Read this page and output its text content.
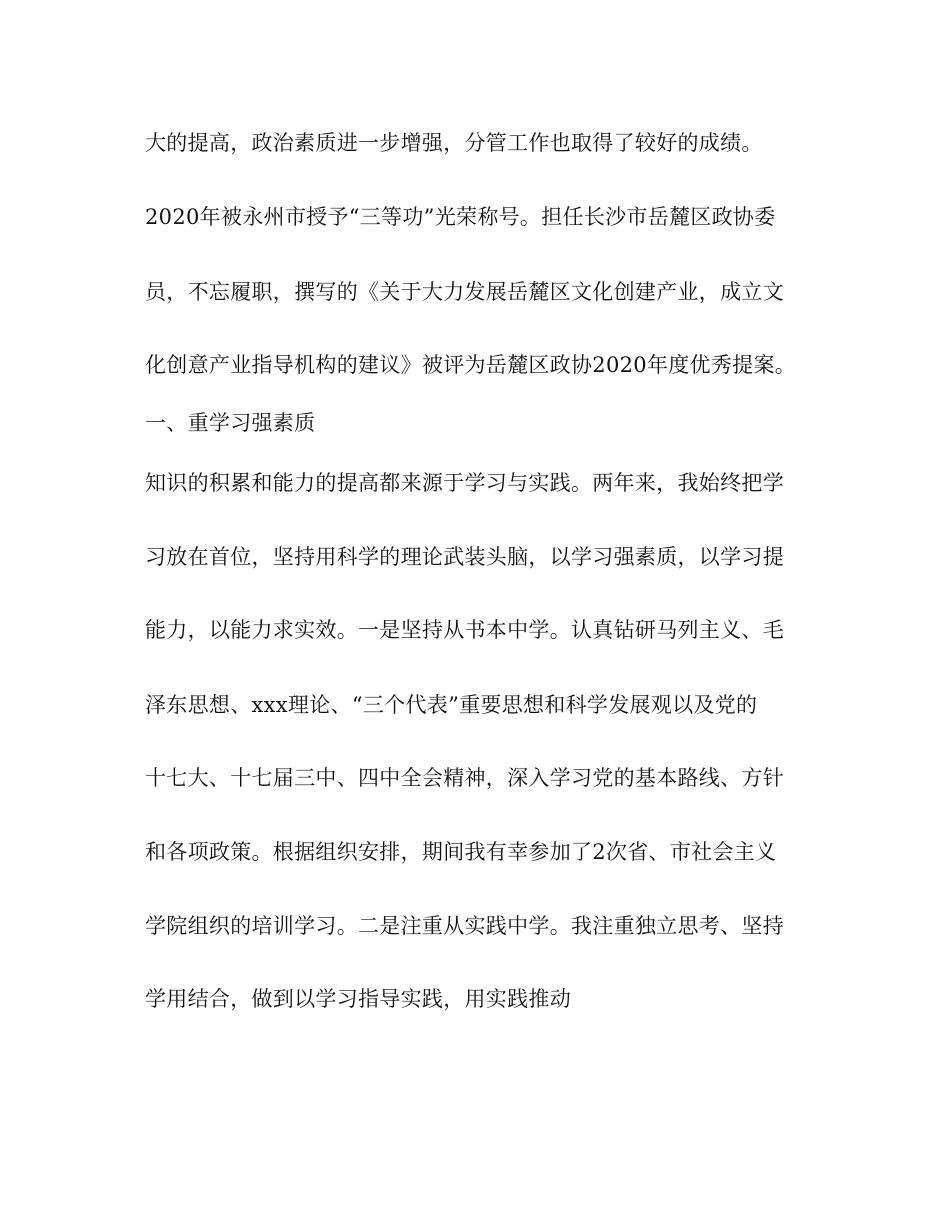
大的提高，政治素质进一步增强，分管工作也取得了较好的成绩。
2020年被永州市授予“三等功”光荣称号。担任长沙市岳麓区政协委
员，不忘履职，撰写的《关于大力发展岳麓区文化创建产业，成立文
化创意产业指导机构的建议》被评为岳麓区政协2020年度优秀提案。
一、重学习强素质
知识的积累和能力的提高都来源于学习与实践。两年来，我始终把学
习放在首位，坚持用科学的理论武装头脑，以学习强素质，以学习提
能力，以能力求实效。一是坚持从书本中学。认真钻研马列主义、毛
泽东思想、xxx理论、“三个代表”重要思想和科学发展观以及党的
十七大、十七届三中、四中全会精神，深入学习党的基本路线、方针
和各项政策。根据组织安排，期间我有幸参加了2次省、市社会主义
学院组织的培训学习。二是注重从实践中学。我注重独立思考、坚持
学用结合，做到以学习指导实践，用实践推动
